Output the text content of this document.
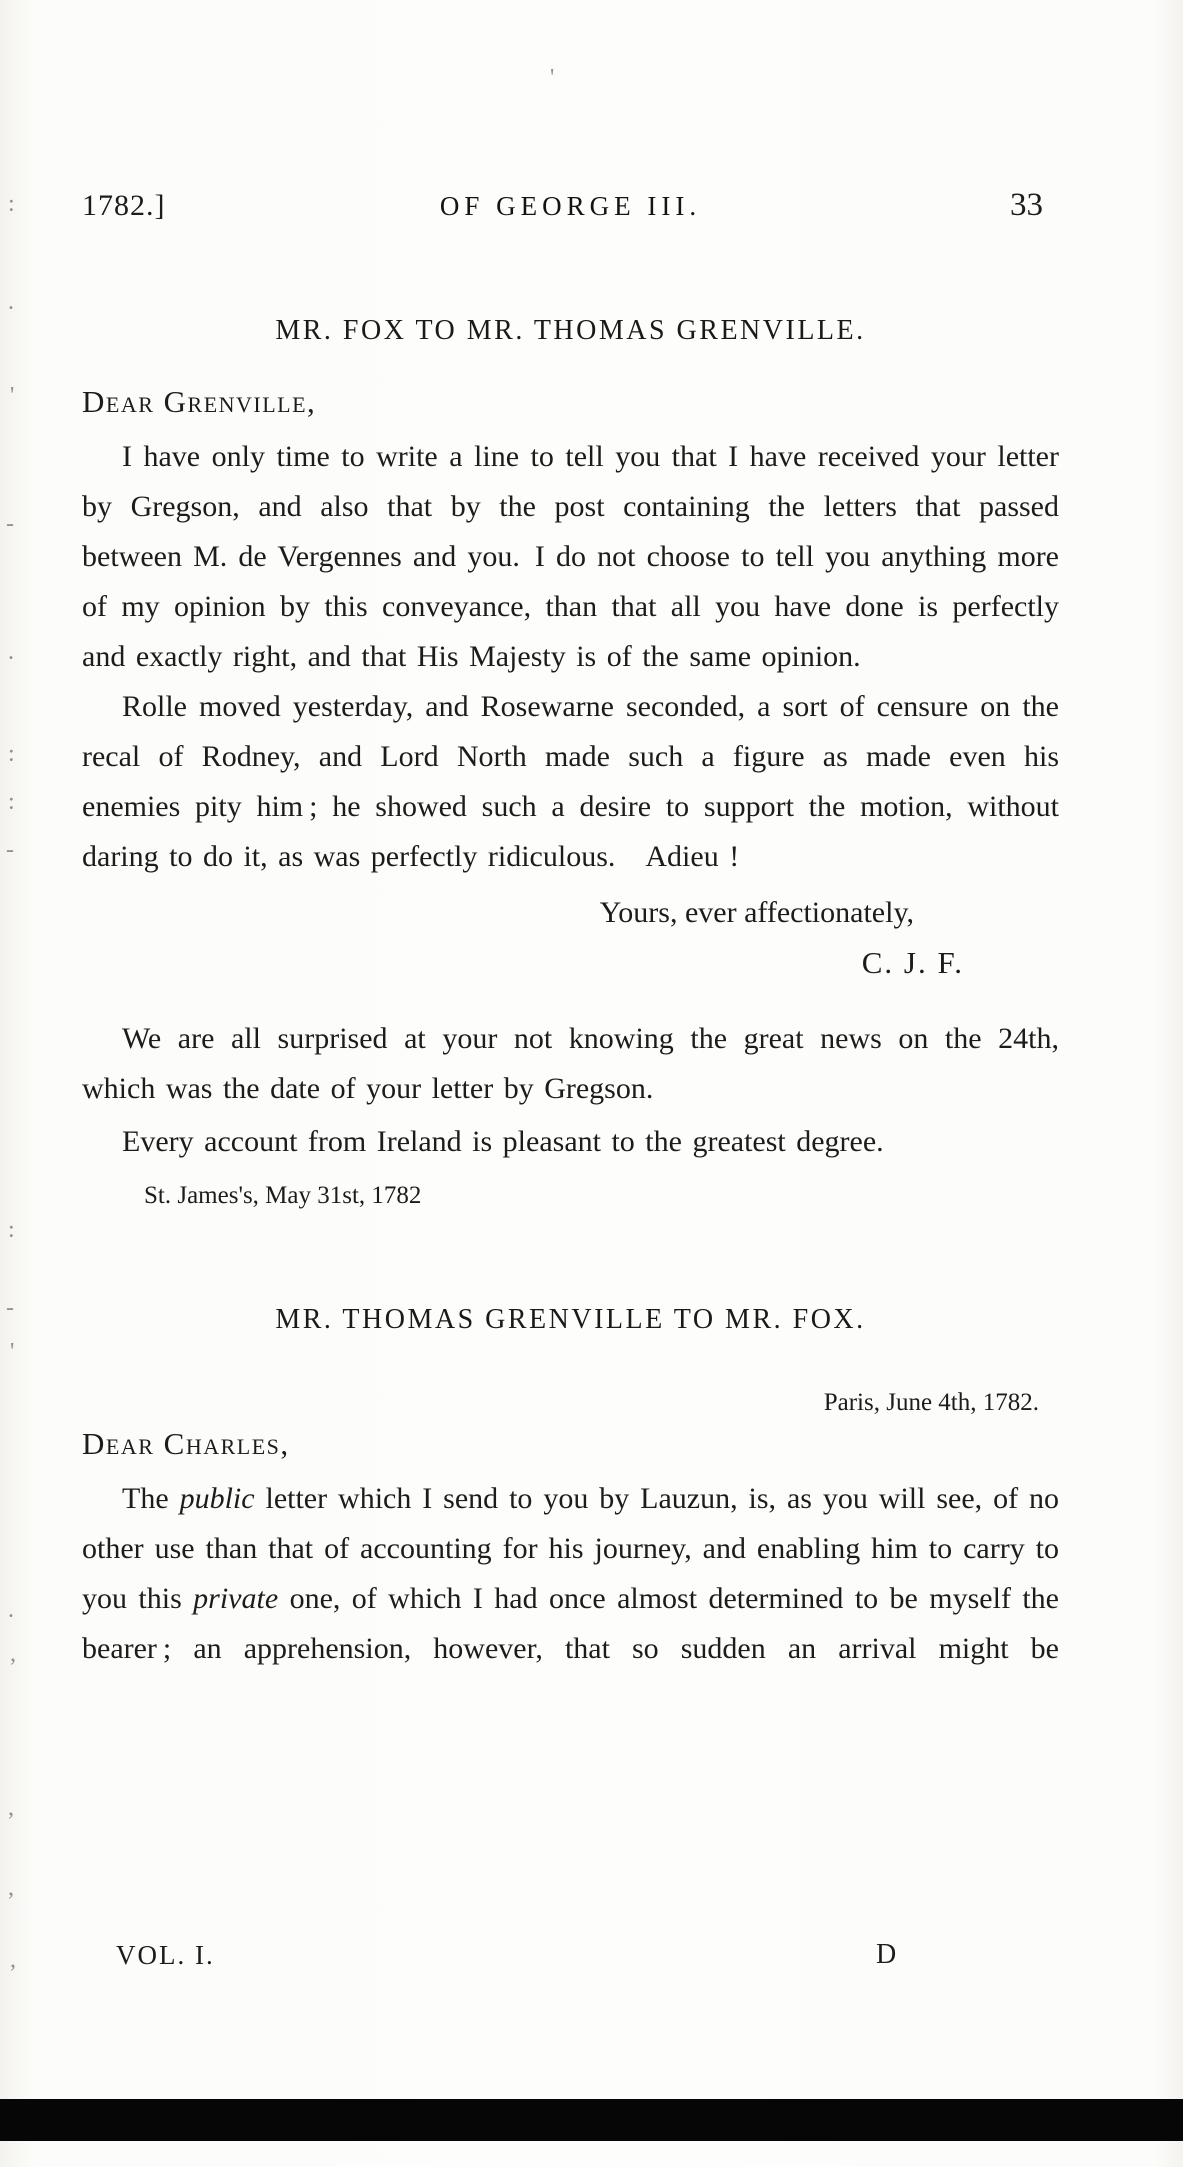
1782.]	OF GEORGE III.	33
MR. FOX TO MR. THOMAS GRENVILLE.

Dear Grenville,

I have only time to write a line to tell you that I have received your letter by Gregson, and also that by the post containing the letters that passed between M. de Vergennes and you. I do not choose to tell you anything more of my opinion by this conveyance, than that all you have done is perfectly and exactly right, and that His Majesty is of the same opinion.

Rolle moved yesterday, and Rosewarne seconded, a sort of censure on the recal of Rodney, and Lord North made such a figure as made even his enemies pity him ; he showed such a desire to support the motion, without daring to do it, as was perfectly ridiculous.  Adieu !

Yours, ever affectionately,

C. J. F.

We are all surprised at your not knowing the great news on the 24th, which was the date of your letter by Gregson.

Every account from Ireland is pleasant to the greatest degree.

St. James's, May 31st, 1782

MR. THOMAS GRENVILLE TO MR. FOX.

Paris, June 4th, 1782.

Dear Charles,

The public letter which I send to you by Lauzun, is, as you will see, of no other use than that of accounting for his journey, and enabling him to carry to you this private one, of which I had once almost determined to be myself the bearer ; an apprehension, however, that so sudden an arrival might be

VOL. I.	D
'
:
.
'
-
.
:
:
-
:
-
'
.
,
,
,
,
